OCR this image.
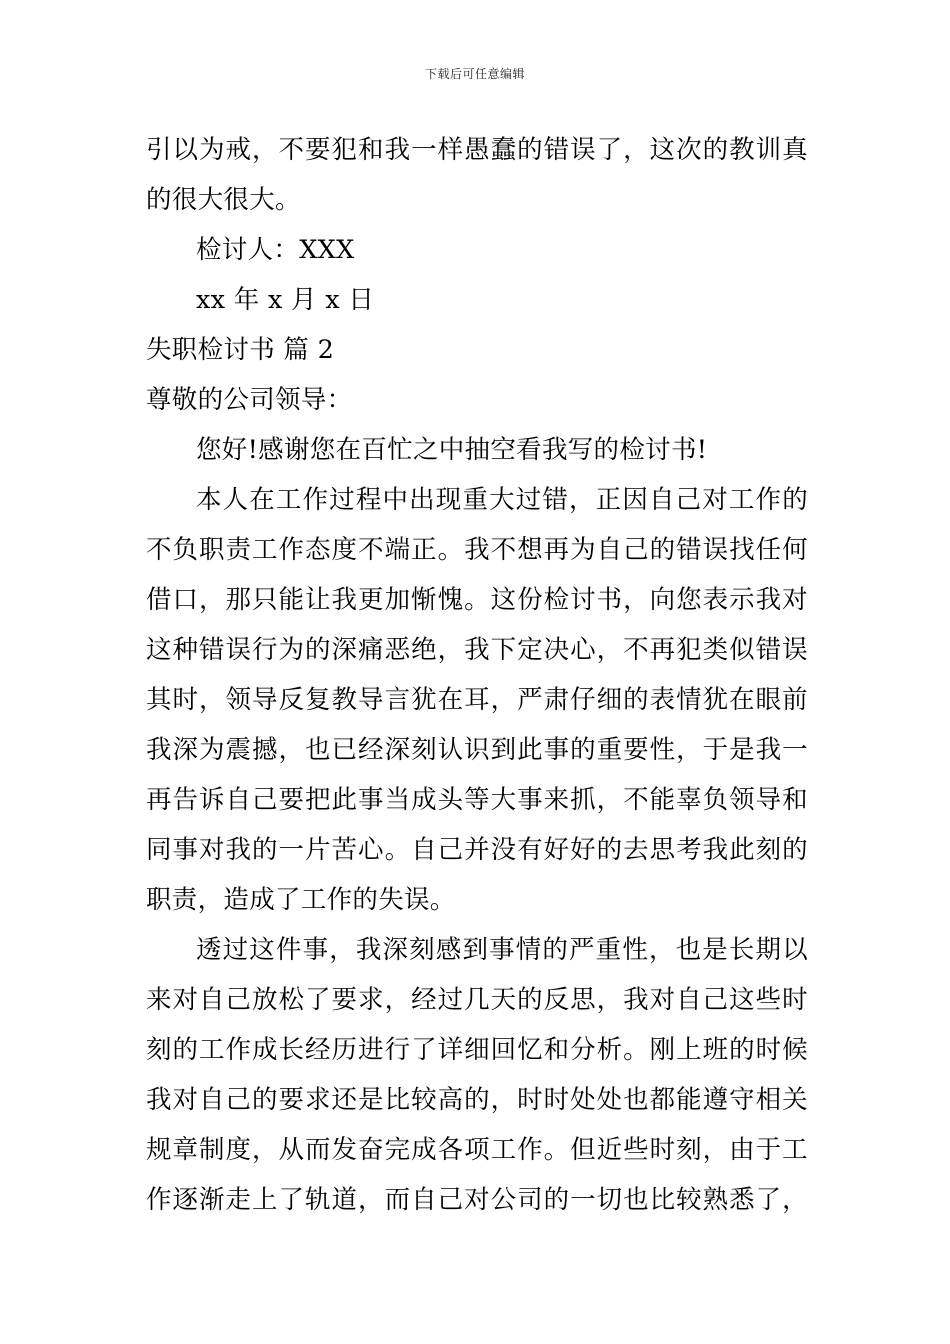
下载后可任意编辑
引以为戒，不要犯和我一样愚蠢的错误了，这次的教训真
的很大很大。
检讨人：XXX
xx 年 x 月 x 日
失职检讨书 篇 2
尊敬的公司领导：
您好!感谢您在百忙之中抽空看我写的检讨书!
本人在工作过程中出现重大过错，正因自己对工作的
不负职责工作态度不端正。我不想再为自己的错误找任何
借口，那只能让我更加惭愧。这份检讨书，向您表示我对
这种错误行为的深痛恶绝，我下定决心，不再犯类似错误
其时，领导反复教导言犹在耳，严肃仔细的表情犹在眼前
我深为震撼，也已经深刻认识到此事的重要性，于是我一
再告诉自己要把此事当成头等大事来抓，不能辜负领导和
同事对我的一片苦心。自己并没有好好的去思考我此刻的
职责，造成了工作的失误。
透过这件事，我深刻感到事情的严重性，也是长期以
来对自己放松了要求，经过几天的反思，我对自己这些时
刻的工作成长经历进行了详细回忆和分析。刚上班的时候
我对自己的要求还是比较高的，时时处处也都能遵守相关
规章制度，从而发奋完成各项工作。但近些时刻，由于工
作逐渐走上了轨道，而自己对公司的一切也比较熟悉了，
